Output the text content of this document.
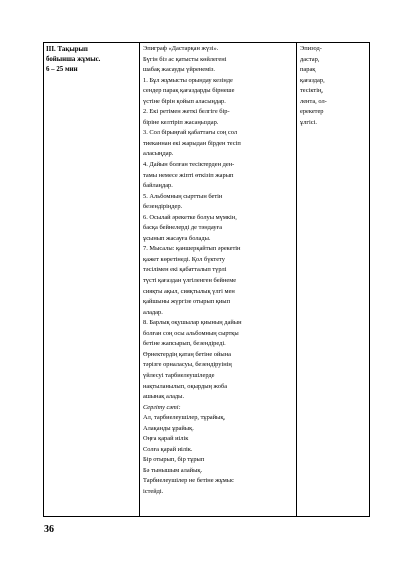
III. Тақырып
бойынша жұмыс.
6 – 25 мин
Эпиграф «Дастарқан жүзі».
Бүгін біз ас қатысты көйлегені
шабақ жасауды үйренеміз.
1. Бұл жұмысты орындау кезінде
сендер парақ қағаздарды бірнеше
үстіне бірін қойып аласыңдар.
2. Екі ретімен жеткі белгіге бір-
біріне келтіріп жасаңыздар.
3. Сол бірыңғай қабаттағы соң сол
тиеканнан екі жарыдан бірден тесіп
аласыңдар.
4. Дайын болған тесіктерден ден-
тамы немесе жіпті өткізіп жарып
байлаңдар.
5. Альбомның сырттын бетін
безендіріңдер.
6. Осылай әрекетке болуы мүмкін,
басқа бейнелерді де тәндауға
ұсынып жасауға болады.
7. Мысалы: қаншерқайтып әрекетін
қажет көретінеді. Қол бүктету
тәсілімен екі қабатталып түрлі
түсті қағаздан үлгіленген бейнеме
сияқты ақыл, сияқтылық үлгі мен
қайшыны жүргізе отырып қиып
аладар.
8. Барлық оқушылар қиының дайын
болған соң осы альбомның сыртқы
бетіне жапсырып, безендіреді.
Өрнектердің қатаң бетіне ойына
тәрізге орналасуы, безендіруінің
үйлесуі тарбиелеушілерде
нақтыланылып, оқырдың жоба
ашынақ алады.
Сергіту сәті:
Ал, тарбиелеушілер, тұрайық,
Алақанды ұрайық.
Оңға қарай иілік
Солға қарай иілік.
Бір отырып, бір тұрып
Бә тынышым алайық.
Тарбиелеушілер не бетіне жұмыс
істейді.
Эпизод-
дастар,
парақ
қағаздар,
тесіктің,
лента, ол-
ерекетер
ұлгісі.
36
